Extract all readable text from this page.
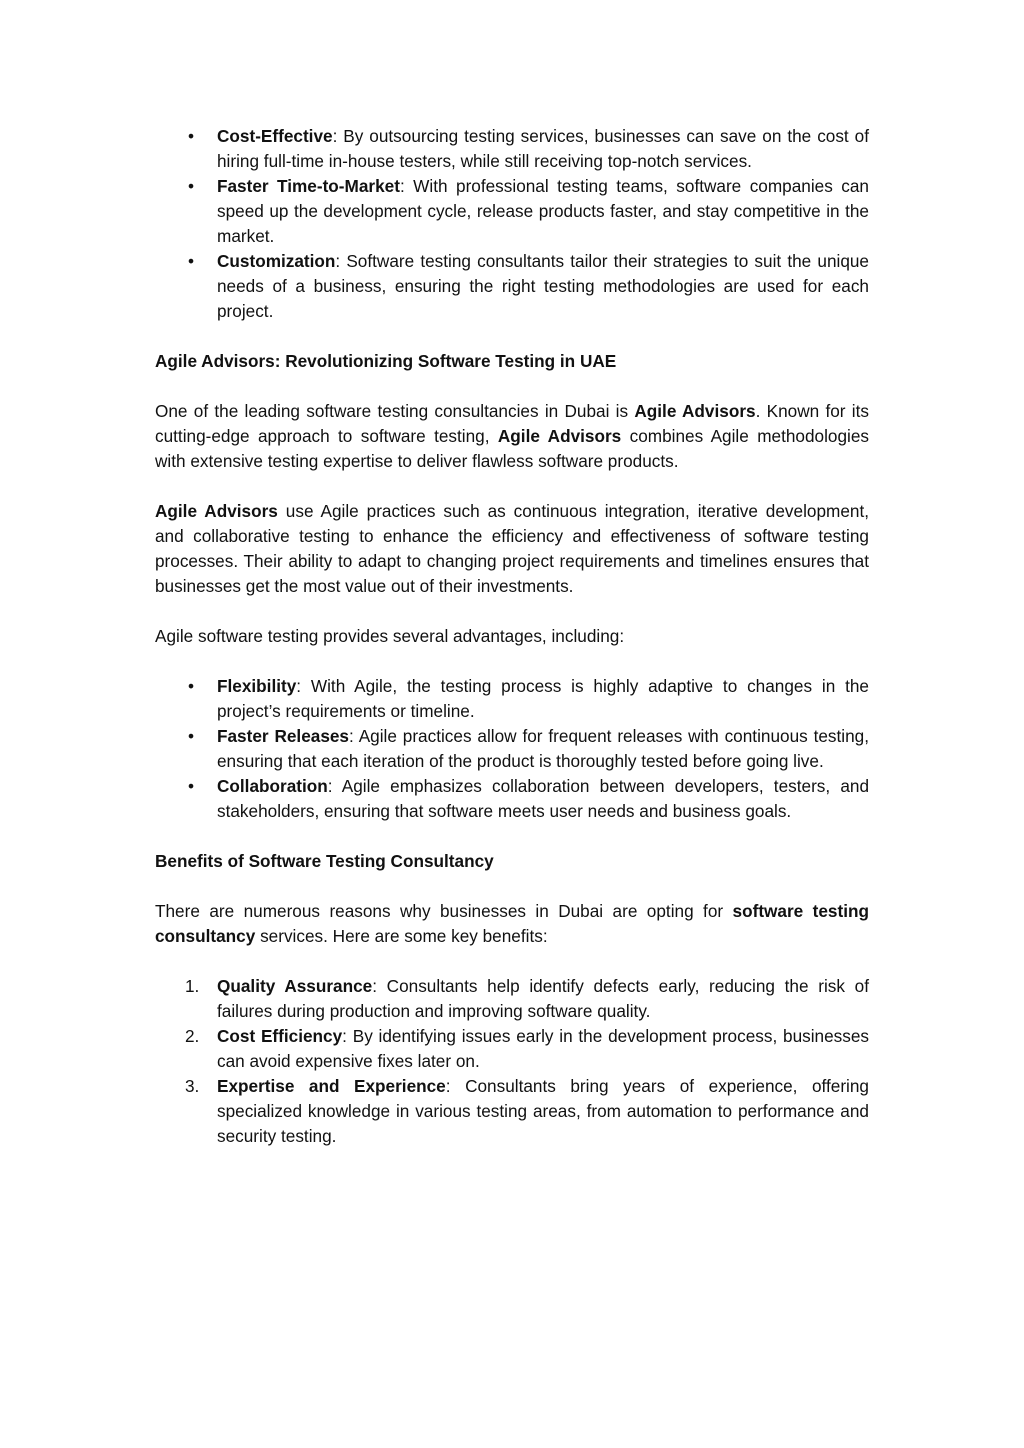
• Cost-Effective: By outsourcing testing services, businesses can save on the cost of hiring full-time in-house testers, while still receiving top-notch services.
• Faster Time-to-Market: With professional testing teams, software companies can speed up the development cycle, release products faster, and stay competitive in the market.
• Customization: Software testing consultants tailor their strategies to suit the unique needs of a business, ensuring the right testing methodologies are used for each project.

Agile Advisors: Revolutionizing Software Testing in UAE

One of the leading software testing consultancies in Dubai is Agile Advisors. Known for its cutting-edge approach to software testing, Agile Advisors combines Agile methodologies with extensive testing expertise to deliver flawless software products.

Agile Advisors use Agile practices such as continuous integration, iterative development, and collaborative testing to enhance the efficiency and effectiveness of software testing processes. Their ability to adapt to changing project requirements and timelines ensures that businesses get the most value out of their investments.

Agile software testing provides several advantages, including:

• Flexibility: With Agile, the testing process is highly adaptive to changes in the project’s requirements or timeline.
• Faster Releases: Agile practices allow for frequent releases with continuous testing, ensuring that each iteration of the product is thoroughly tested before going live.
• Collaboration: Agile emphasizes collaboration between developers, testers, and stakeholders, ensuring that software meets user needs and business goals.

Benefits of Software Testing Consultancy

There are numerous reasons why businesses in Dubai are opting for software testing consultancy services. Here are some key benefits:

1.	Quality Assurance: Consultants help identify defects early, reducing the risk of failures during production and improving software quality.
2.	Cost Efficiency: By identifying issues early in the development process, businesses can avoid expensive fixes later on.
3.	Expertise and Experience: Consultants bring years of experience, offering specialized knowledge in various testing areas, from automation to performance and security testing.
